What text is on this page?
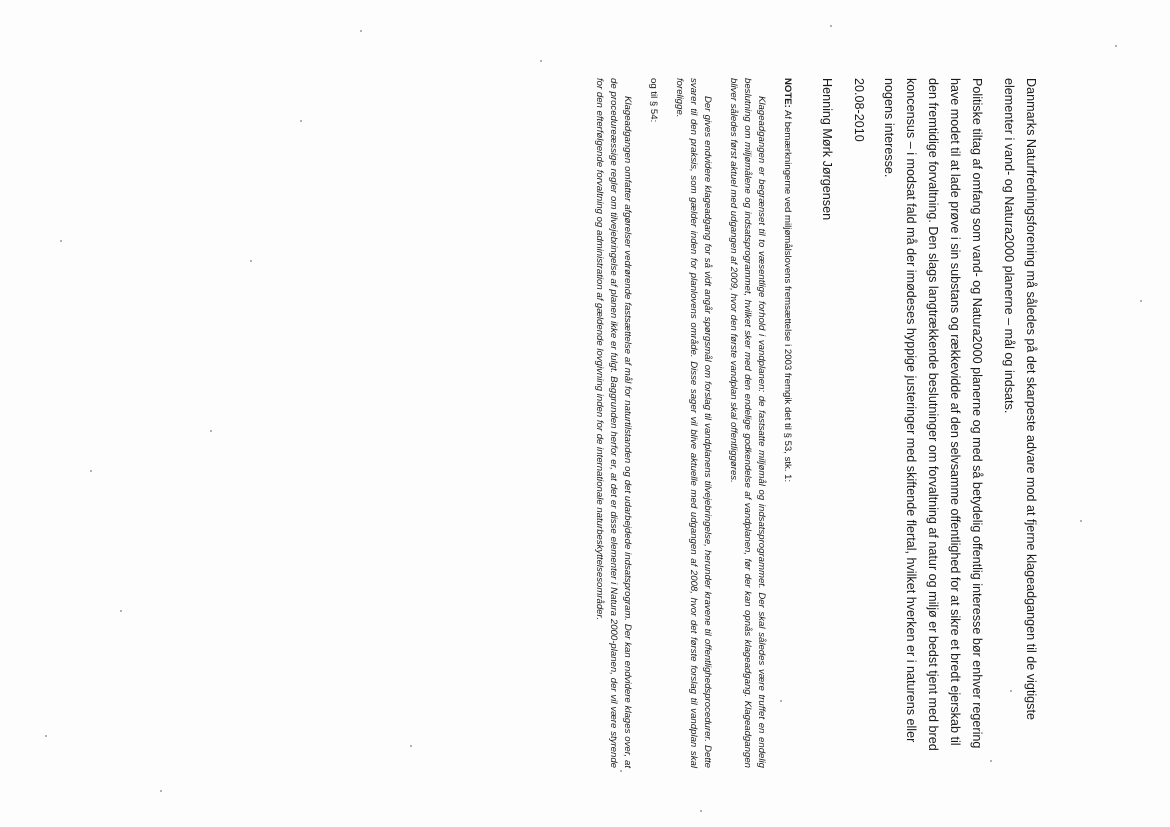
Danmarks Naturfredningsforening må således på det skarpeste advare mod at fjerne klageadgangen til de vigtigste elementer i vand- og Natura2000 planerne – mål og indsats.

Politiske tiltag af omfang som vand- og Natura2000 planerne og med så betydelig offentlig interesse bør enhver regering have modet til at lade prøve i sin substans og rækkevidde af den selvsamme offentlighed for at sikre et bredt ejerskab til den fremtidige forvaltning. Den slags langtrækkende beslutninger om forvaltning af natur og miljø er bedst tjent med bred koncensus – i modsat fald må der imødeses hyppige justeringer med skiftende flertal, hvilket hverken er i naturens eller nogens interesse.

20.08-2010

Henning Mørk Jørgensen

NOTE: Af bemærkningerne ved miljømålslovens fremsættelse i 2003 fremgik det til § 53, stk. 1:

Klageadgangen er begrænset til to væsentlige forhold i vandplanen: de fastsatte miljømål og indsatsprogrammet. Der skal således være truffet en endelig beslutning om miljømålene og indsatsprogrammet, hvilket sker med den endelige godkendelse af vandplanen, før der kan opnås klageadgang. Klageadgangen bliver således først aktuel med udgangen af 2009, hvor den første vandplan skal offentliggøres.

Der gives endvidere klageadgang for så vidt angår spørgsmål om forslag til vandplanens tilvejebringelse, herunder kravene til offentlighedsprocedurer. Dette svarer til den praksis, som gælder inden for planlovens område. Disse sager vil blive aktuelle med udgangen af 2008, hvor det første forslag til vandplan skal foreligge.

og til § 54:

Klageadgangen omfatter afgørelser vedrørende fastsættelse af mål for naturtilstanden og det udarbejdede indsatsprogram. Der kan endvidere klages over, at de procedureæssige regler om tilvejebringelse af planen ikke er fulgt. Baggrunden herfor er, at det er disse elementer i Natura 2000-planen, der vil være styrende for den efterfølgende forvaltning og administration af gældende lovgivning inden for de internationale naturbeskyttelsesområder.
